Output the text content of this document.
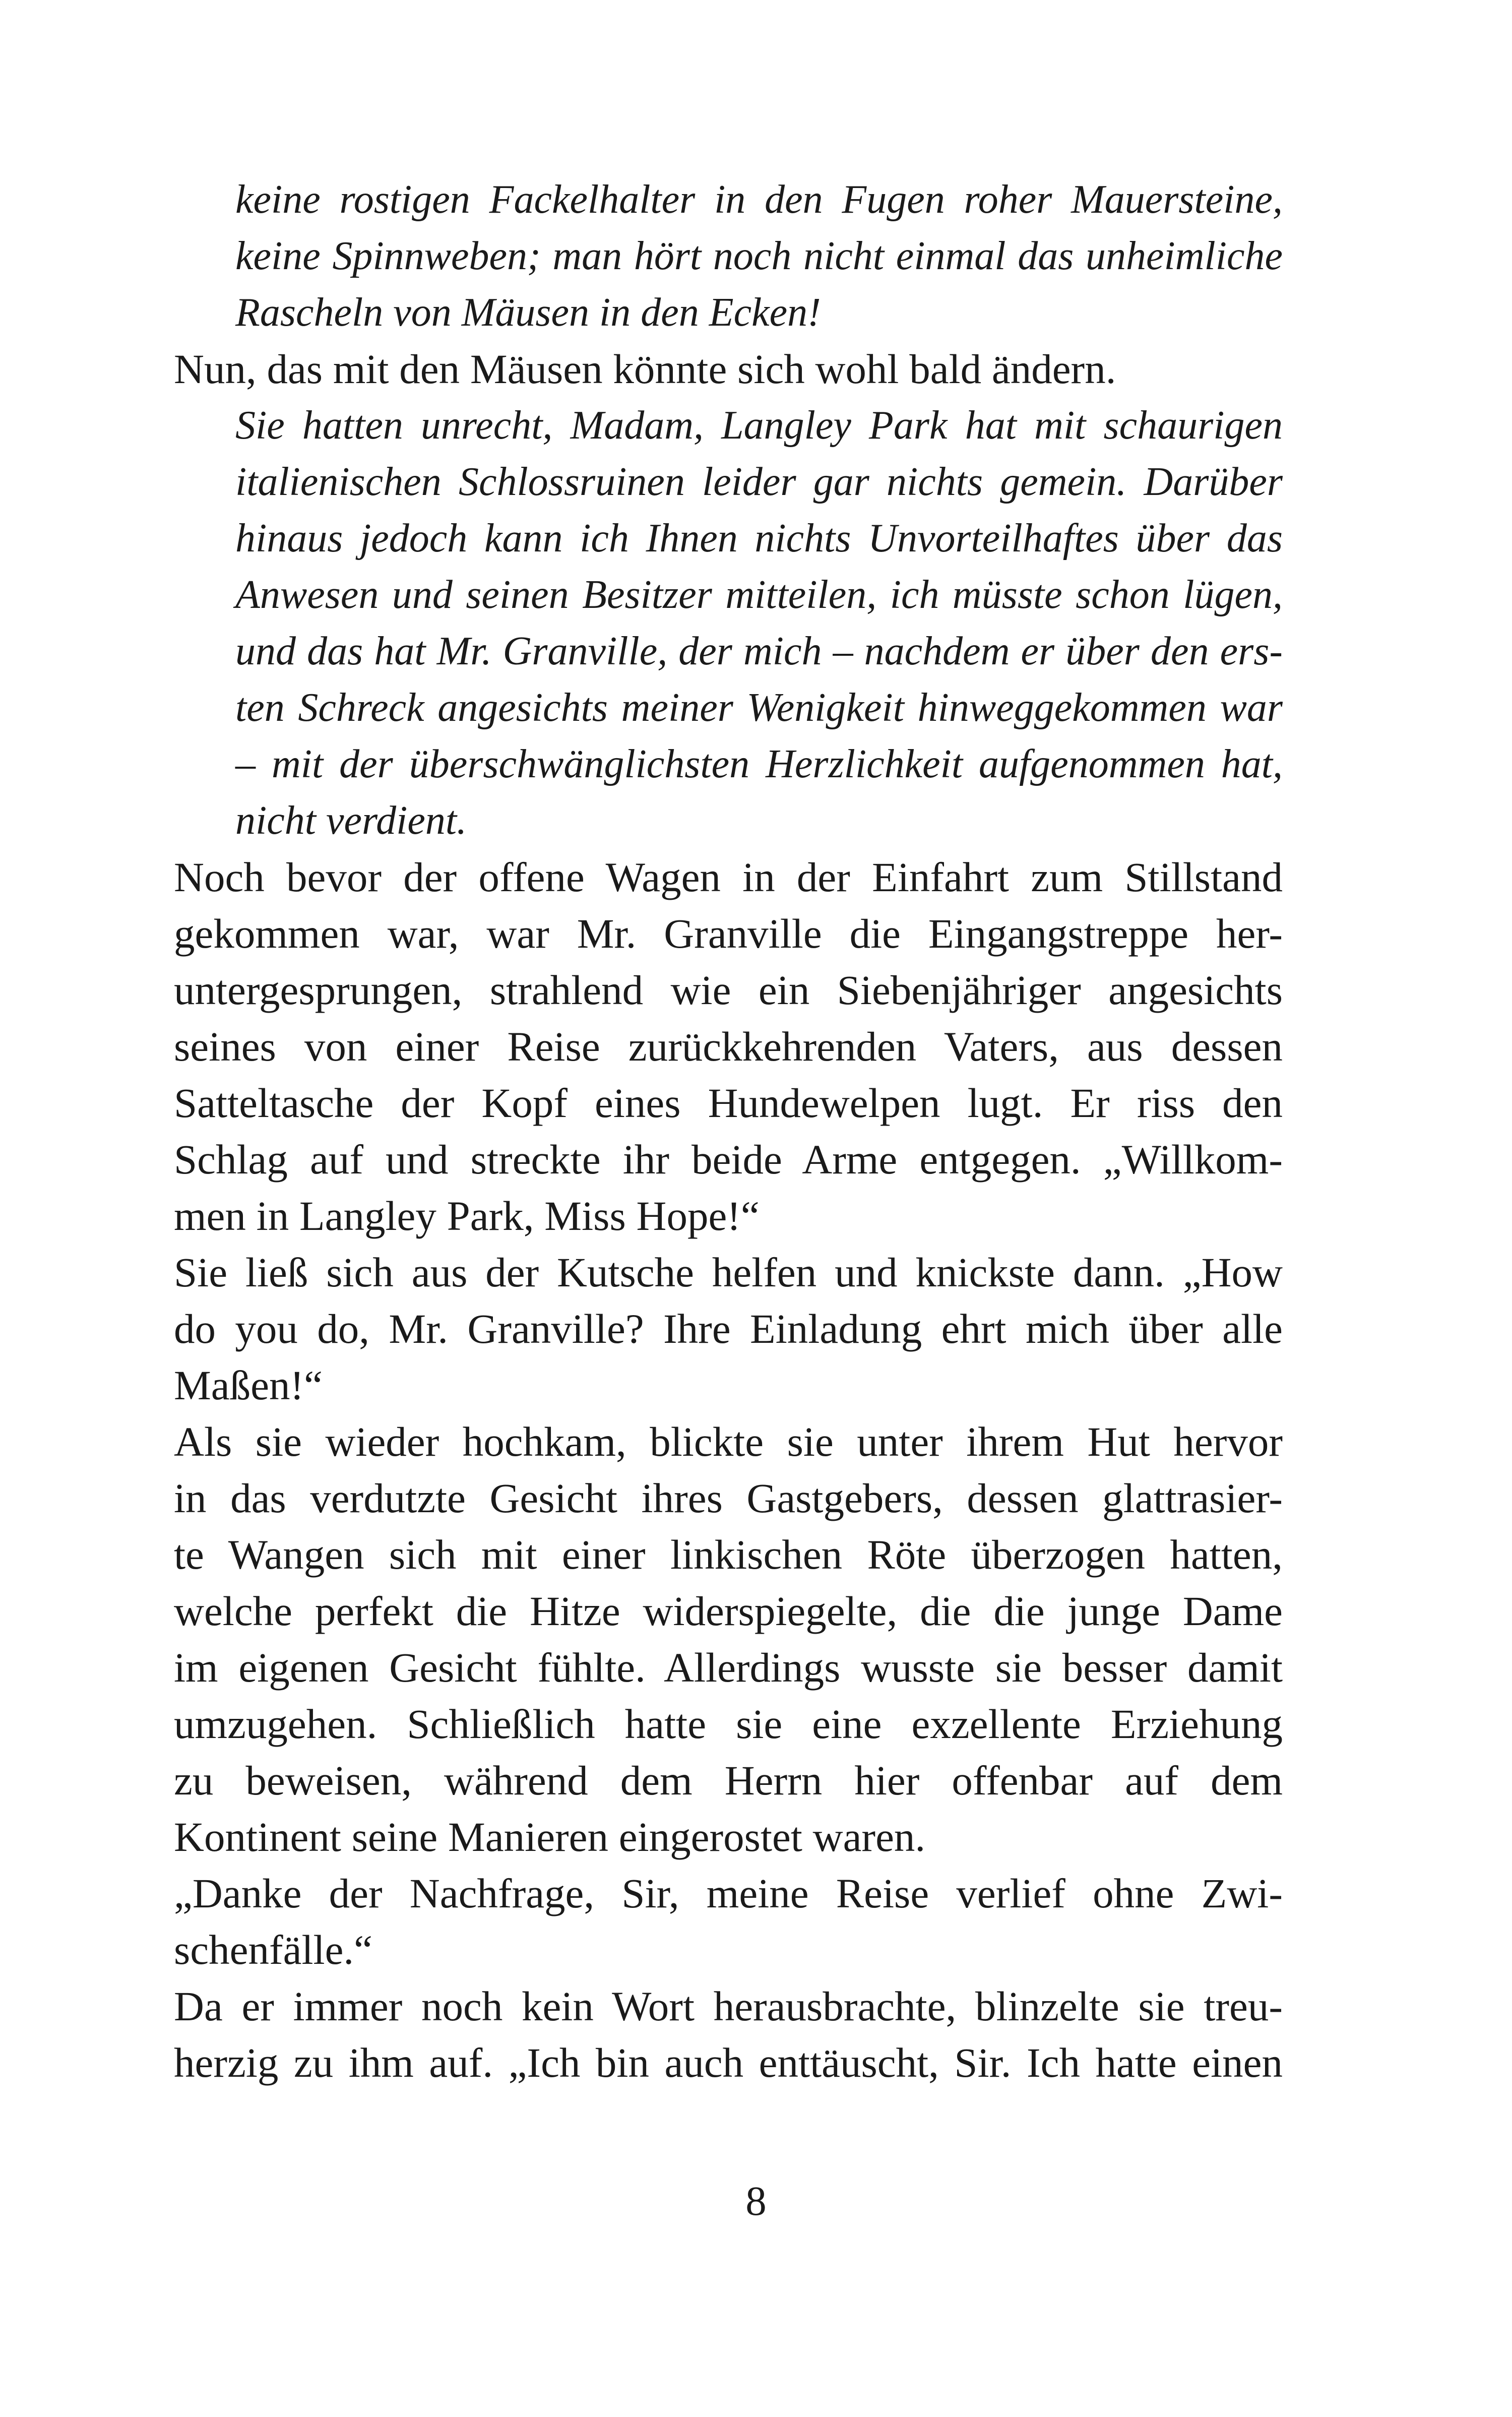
keine rostigen Fackelhalter in den Fugen roher Mauersteine,
keine Spinnweben; man hört noch nicht einmal das unheimliche
Rascheln von Mäusen in den Ecken!
Nun, das mit den Mäusen könnte sich wohl bald ändern.
Sie hatten unrecht, Madam, Langley Park hat mit schaurigen
italienischen Schlossruinen leider gar nichts gemein. Darüber
hinaus jedoch kann ich Ihnen nichts Unvorteilhaftes über das
Anwesen und seinen Besitzer mitteilen, ich müsste schon lügen,
und das hat Mr. Granville, der mich – nachdem er über den ers-
ten Schreck angesichts meiner Wenigkeit hinweggekommen war
– mit der überschwänglichsten Herzlichkeit aufgenommen hat,
nicht verdient.
Noch bevor der offene Wagen in der Einfahrt zum Stillstand
gekommen war, war Mr. Granville die Eingangstreppe her-
untergesprungen, strahlend wie ein Siebenjähriger angesichts
seines von einer Reise zurückkehrenden Vaters, aus dessen
Satteltasche der Kopf eines Hundewelpen lugt. Er riss den
Schlag auf und streckte ihr beide Arme entgegen. „Willkom-
men in Langley Park, Miss Hope!“
Sie ließ sich aus der Kutsche helfen und knickste dann. „How
do you do, Mr. Granville? Ihre Einladung ehrt mich über alle
Maßen!“
Als sie wieder hochkam, blickte sie unter ihrem Hut hervor
in das verdutzte Gesicht ihres Gastgebers, dessen glattrasier-
te Wangen sich mit einer linkischen Röte überzogen hatten,
welche perfekt die Hitze widerspiegelte, die die junge Dame
im eigenen Gesicht fühlte. Allerdings wusste sie besser damit
umzugehen. Schließlich hatte sie eine exzellente Erziehung
zu beweisen, während dem Herrn hier offenbar auf dem
Kontinent seine Manieren eingerostet waren.
„Danke der Nachfrage, Sir, meine Reise verlief ohne Zwi-
schenfälle.“
Da er immer noch kein Wort herausbrachte, blinzelte sie treu-
herzig zu ihm auf. „Ich bin auch enttäuscht, Sir. Ich hatte einen
8
